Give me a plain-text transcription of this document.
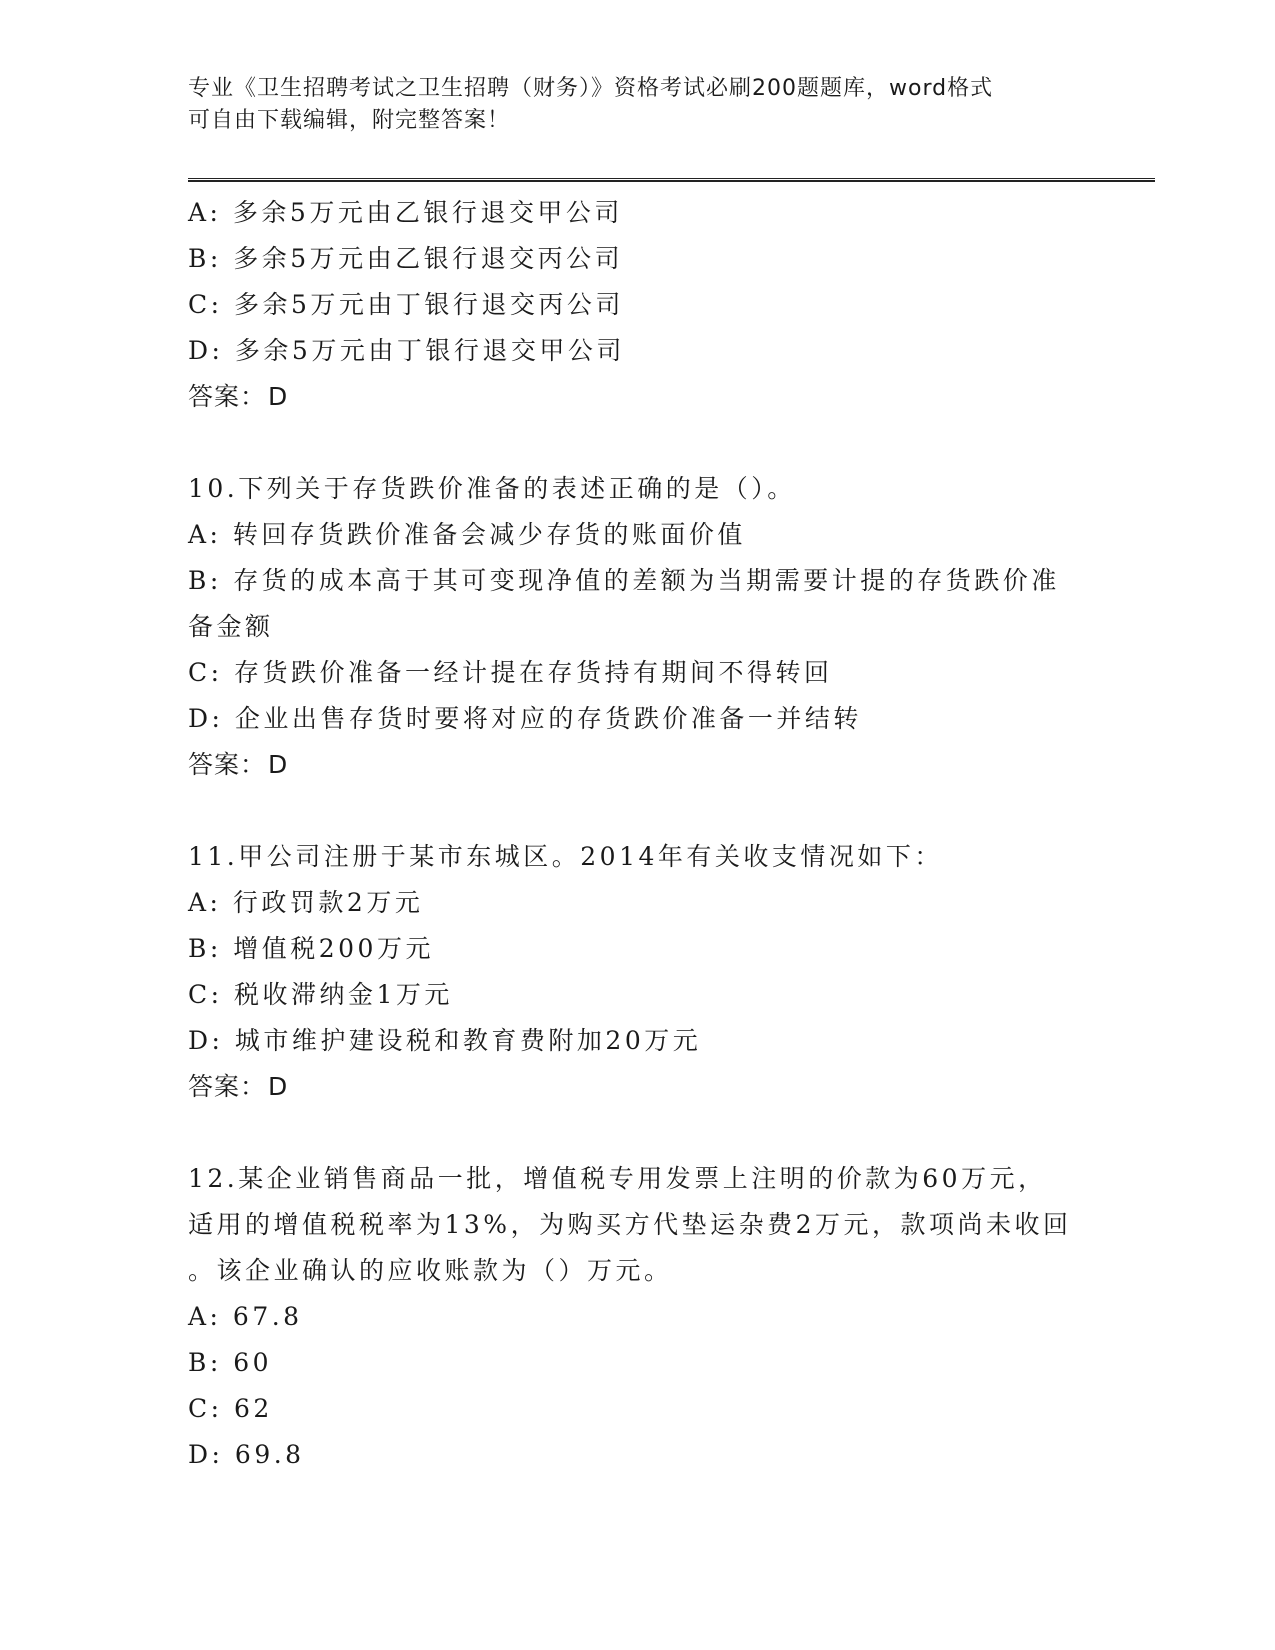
专业《卫生招聘考试之卫生招聘（财务）》资格考试必刷200题题库，word格式
可自由下载编辑，附完整答案！
A: 多余5万元由乙银行退交甲公司
B: 多余5万元由乙银行退交丙公司
C: 多余5万元由丁银行退交丙公司
D: 多余5万元由丁银行退交甲公司
答案：D
10.下列关于存货跌价准备的表述正确的是（）。
A: 转回存货跌价准备会减少存货的账面价值
B: 存货的成本高于其可变现净值的差额为当期需要计提的存货跌价准
备金额
C: 存货跌价准备一经计提在存货持有期间不得转回
D: 企业出售存货时要将对应的存货跌价准备一并结转
答案：D
11.甲公司注册于某市东城区。2014年有关收支情况如下：
A: 行政罚款2万元
B: 增值税200万元
C: 税收滞纳金1万元
D: 城市维护建设税和教育费附加20万元
答案：D
12.某企业销售商品一批，增值税专用发票上注明的价款为60万元，
适用的增值税税率为13%，为购买方代垫运杂费2万元，款项尚未收回
。该企业确认的应收账款为（）万元。
A: 67.8
B: 60
C: 62
D: 69.8
